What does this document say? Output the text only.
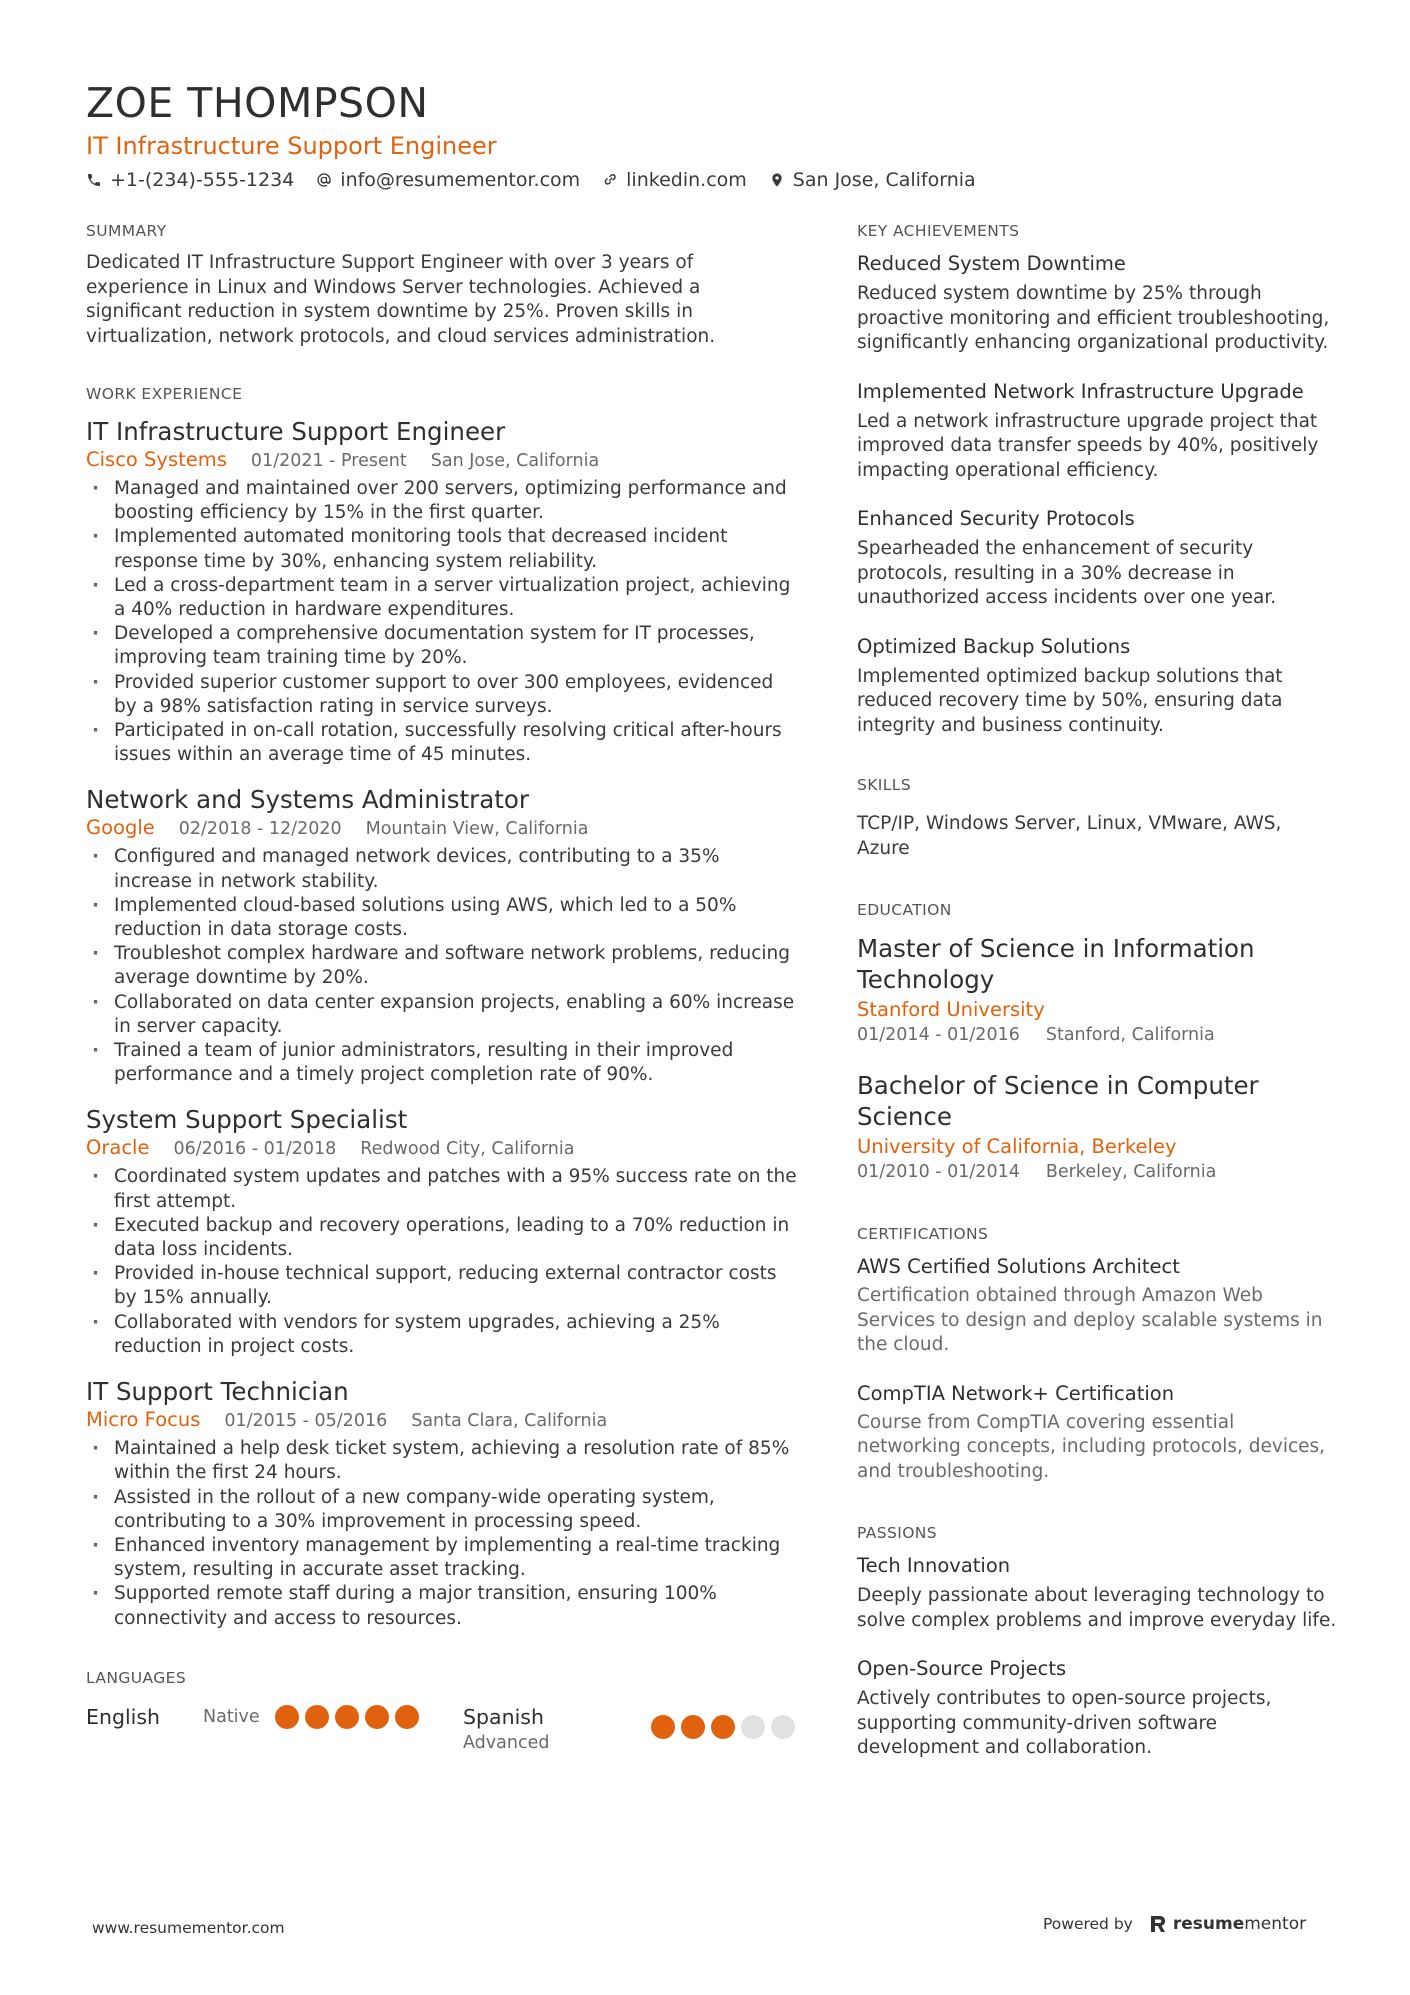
ZOE THOMPSON
IT Infrastructure Support Engineer
+1-(234)-555-1234 info@resumementor.com linkedin.com San Jose, California
SUMMARY
Dedicated IT Infrastructure Support Engineer with over 3 years of experience in Linux and Windows Server technologies. Achieved a significant reduction in system downtime by 25%. Proven skills in virtualization, network protocols, and cloud services administration.
WORK EXPERIENCE
IT Infrastructure Support Engineer
Cisco Systems 01/2021 - Present San Jose, California
· Managed and maintained over 200 servers, optimizing performance and boosting efficiency by 15% in the first quarter.
· Implemented automated monitoring tools that decreased incident response time by 30%, enhancing system reliability.
· Led a cross-department team in a server virtualization project, achieving a 40% reduction in hardware expenditures.
· Developed a comprehensive documentation system for IT processes, improving team training time by 20%.
· Provided superior customer support to over 300 employees, evidenced by a 98% satisfaction rating in service surveys.
· Participated in on-call rotation, successfully resolving critical after-hours issues within an average time of 45 minutes.
Network and Systems Administrator
Google 02/2018 - 12/2020 Mountain View, California
· Configured and managed network devices, contributing to a 35% increase in network stability.
· Implemented cloud-based solutions using AWS, which led to a 50% reduction in data storage costs.
· Troubleshot complex hardware and software network problems, reducing average downtime by 20%.
· Collaborated on data center expansion projects, enabling a 60% increase in server capacity.
· Trained a team of junior administrators, resulting in their improved performance and a timely project completion rate of 90%.
System Support Specialist
Oracle 06/2016 - 01/2018 Redwood City, California
· Coordinated system updates and patches with a 95% success rate on the first attempt.
· Executed backup and recovery operations, leading to a 70% reduction in data loss incidents.
· Provided in-house technical support, reducing external contractor costs by 15% annually.
· Collaborated with vendors for system upgrades, achieving a 25% reduction in project costs.
IT Support Technician
Micro Focus 01/2015 - 05/2016 Santa Clara, California
· Maintained a help desk ticket system, achieving a resolution rate of 85% within the first 24 hours.
· Assisted in the rollout of a new company-wide operating system, contributing to a 30% improvement in processing speed.
· Enhanced inventory management by implementing a real-time tracking system, resulting in accurate asset tracking.
· Supported remote staff during a major transition, ensuring 100% connectivity and access to resources.
LANGUAGES
English	Native	Spanish
Advanced
KEY ACHIEVEMENTS
Reduced System Downtime
Reduced system downtime by 25% through proactive monitoring and efficient troubleshooting, significantly enhancing organizational productivity.
Implemented Network Infrastructure Upgrade
Led a network infrastructure upgrade project that improved data transfer speeds by 40%, positively impacting operational efficiency.
Enhanced Security Protocols
Spearheaded the enhancement of security protocols, resulting in a 30% decrease in unauthorized access incidents over one year.
Optimized Backup Solutions
Implemented optimized backup solutions that reduced recovery time by 50%, ensuring data integrity and business continuity.
SKILLS
TCP/IP, Windows Server, Linux, VMware, AWS, Azure
EDUCATION
Master of Science in Information Technology
Stanford University
01/2014 - 01/2016 Stanford, California
Bachelor of Science in Computer Science
University of California, Berkeley
01/2010 - 01/2014 Berkeley, California
CERTIFICATIONS
AWS Certified Solutions Architect
Certification obtained through Amazon Web Services to design and deploy scalable systems in the cloud.
CompTIA Network+ Certification
Course from CompTIA covering essential networking concepts, including protocols, devices, and troubleshooting.
PASSIONS
Tech Innovation
Deeply passionate about leveraging technology to solve complex problems and improve everyday life.
Open-Source Projects
Actively contributes to open-source projects, supporting community-driven software development and collaboration.
www.resumementor.com	Powered by resumementor
